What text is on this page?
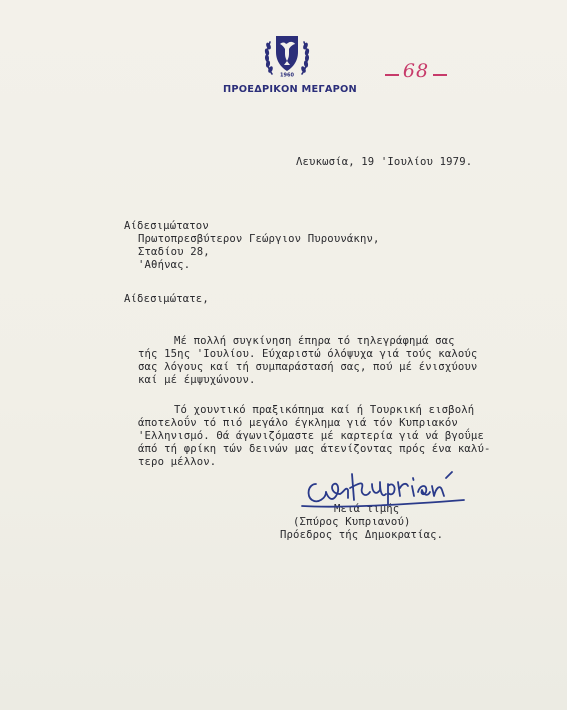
1960
ΠΡΟΕΔΡΙΚΟΝ ΜΕΓΑΡΟΝ
68
Λευκωσία, 19 'Ιουλίου 1979.
Αίδεσιμώτατον
Πρωτοπρεσβύτερον Γεώργιον Πυρουνάκην,
Σταδίου 28,
'Αθήνας.
Αίδεσιμώτατε,
Μέ πολλή συγκίνηση έπηρα τό τηλεγράφημά σας
τής 15ης 'Ιουλίου. Εύχαριστώ όλόψυχα γιά τούς καλούς
σας λόγους καί τή συμπαράστασή σας, πού μέ ένισχύουν
καί μέ έμψυχώνουν.
Τό χουντικό πραξικόπημα καί ή Τουρκική εισβολή
άποτελοΰν τό πιό μεγάλο έγκλημα γιά τόν Κυπριακόν
'Ελληνισμό. Θά άγωνιζόμαστε μέ καρτερία γιά νά βγοΰμε
άπό τή φρίκη τών δεινών μας άτενίζοντας πρός ένα καλύ-
τερο μέλλον.
Μετά τιμής
(Σπύρος Κυπριανού)
Πρόεδρος τής Δημοκρατίας.
